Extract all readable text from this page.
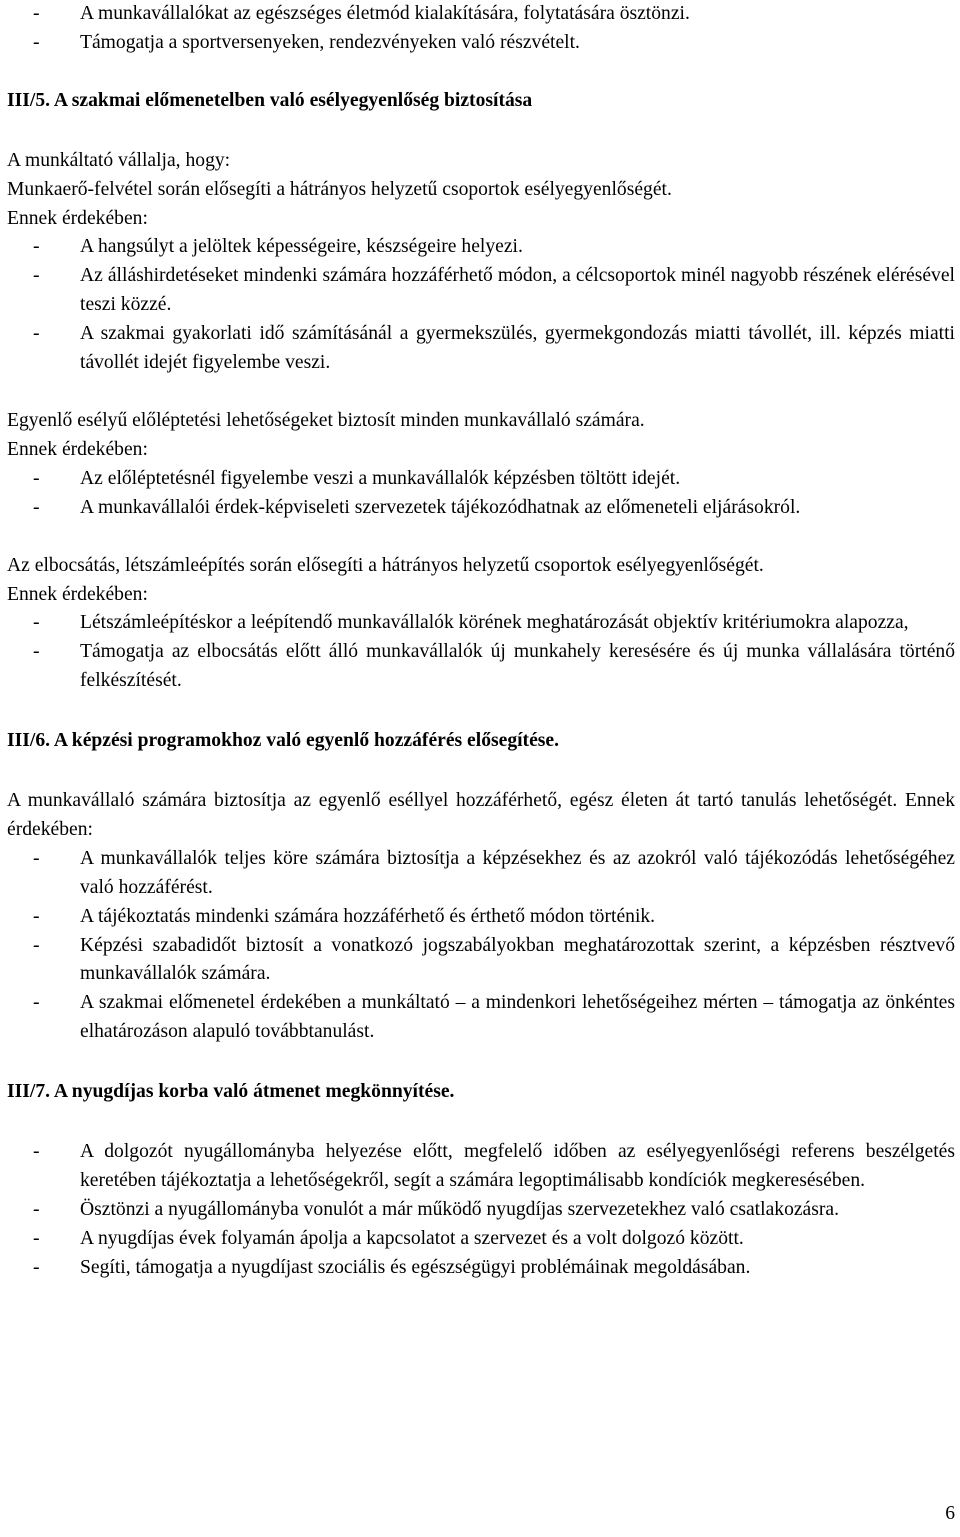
- A munkavállalókat az egészséges életmód kialakítására, folytatására ösztönzi.
- Támogatja a sportversenyeken, rendezvényeken való részvételt.

III/5. A szakmai előmenetelben való esélyegyenlőség biztosítása

A munkáltató vállalja, hogy:

Munkaerő-felvétel során elősegíti a hátrányos helyzetű csoportok esélyegyenlőségét.

Ennek érdekében:

- A hangsúlyt a jelöltek képességeire, készségeire helyezi.
- Az álláshirdetéseket mindenki számára hozzáférhető módon, a célcsoportok minél nagyobb részének elérésével teszi közzé.
- A szakmai gyakorlati idő számításánál a gyermekszülés, gyermekgondozás miatti távollét, ill. képzés miatti távollét idejét figyelembe veszi.

Egyenlő esélyű előléptetési lehetőségeket biztosít minden munkavállaló számára.

Ennek érdekében:

- Az előléptetésnél figyelembe veszi a munkavállalók képzésben töltött idejét.
- A munkavállalói érdek-képviseleti szervezetek tájékozódhatnak az előmeneteli eljárásokról.

Az elbocsátás, létszámleépítés során elősegíti a hátrányos helyzetű csoportok esélyegyenlőségét.

Ennek érdekében:

- Létszámleépítéskor a leépítendő munkavállalók körének meghatározását objektív kritériumokra alapozza,
- Támogatja az elbocsátás előtt álló munkavállalók új munkahely keresésére és új munka vállalására történő felkészítését.

III/6. A képzési programokhoz való egyenlő hozzáférés elősegítése.

A munkavállaló számára biztosítja az egyenlő eséllyel hozzáférhető, egész életen át tartó tanulás lehetőségét. Ennek érdekében:

- A munkavállalók teljes köre számára biztosítja a képzésekhez és az azokról való tájékozódás lehetőségéhez való hozzáférést.
- A tájékoztatás mindenki számára hozzáférhető és érthető módon történik.
- Képzési szabadidőt biztosít a vonatkozó jogszabályokban meghatározottak szerint, a képzésben résztvevő munkavállalók számára.
- A szakmai előmenetel érdekében a munkáltató – a mindenkori lehetőségeihez mérten – támogatja az önkéntes elhatározáson alapuló továbbtanulást.

III/7. A nyugdíjas korba való átmenet megkönnyítése.

- A dolgozót nyugállományba helyezése előtt, megfelelő időben az esélyegyenlőségi referens beszélgetés keretében tájékoztatja a lehetőségekről, segít a számára legoptimálisabb kondíciók megkeresésében.
- Ösztönzi a nyugállományba vonulót a már működő nyugdíjas szervezetekhez való csatlakozásra.
- A nyugdíjas évek folyamán ápolja a kapcsolatot a szervezet és a volt dolgozó között.
- Segíti, támogatja a nyugdíjast szociális és egészségügyi problémáinak megoldásában.
6
